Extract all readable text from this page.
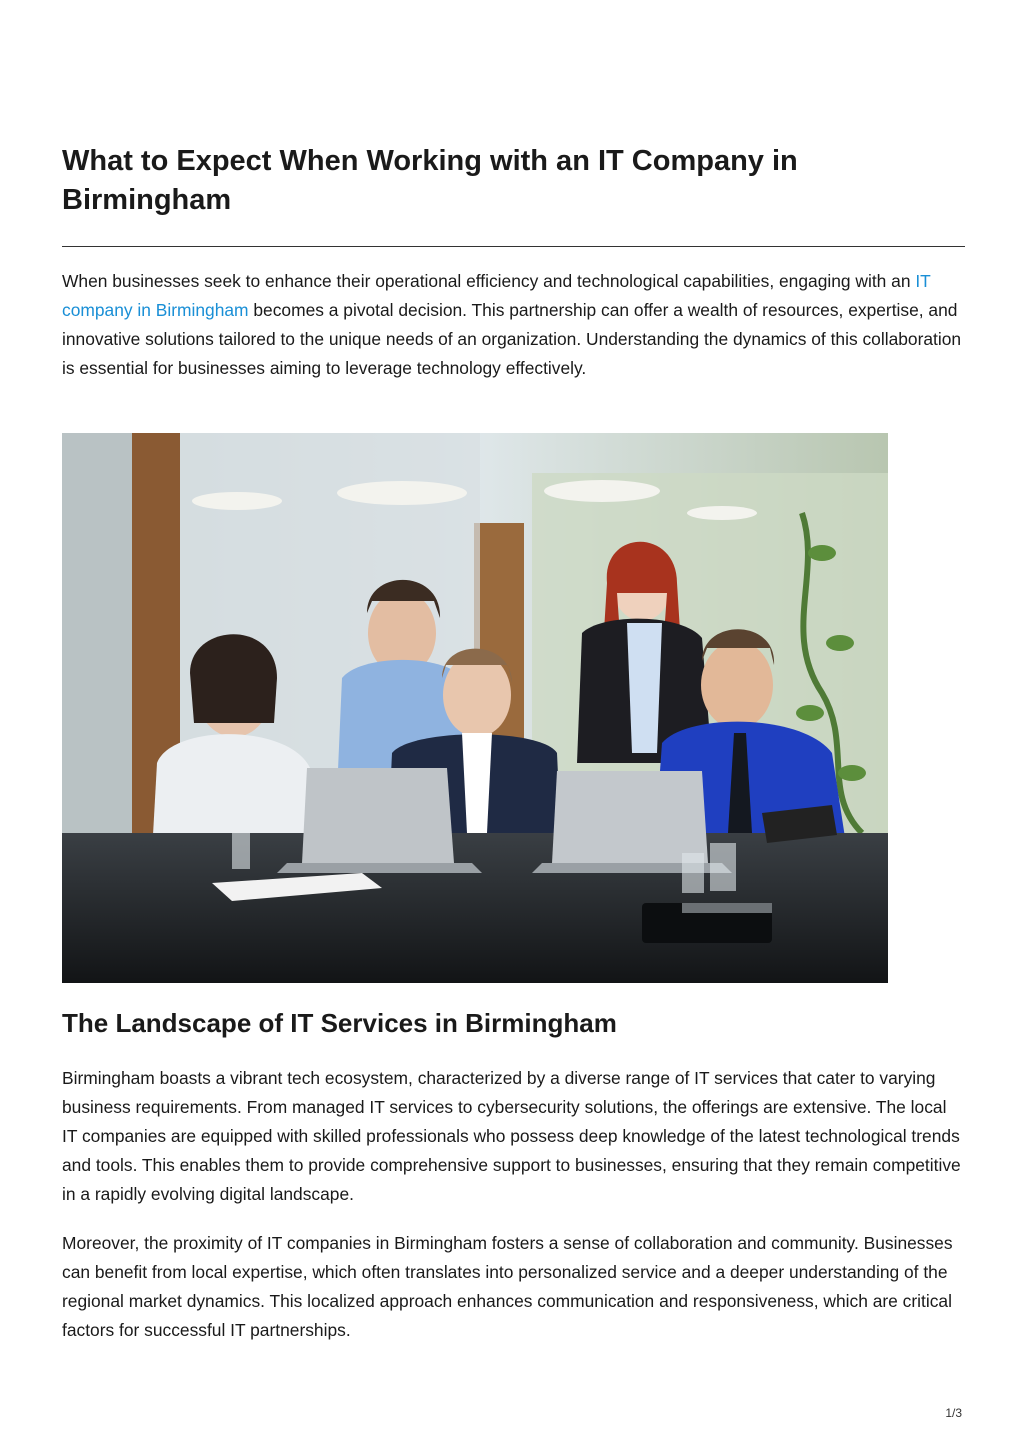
What to Expect When Working with an IT Company in Birmingham

When businesses seek to enhance their operational efficiency and technological capabilities, engaging with an IT company in Birmingham becomes a pivotal decision. This partnership can offer a wealth of resources, expertise, and innovative solutions tailored to the unique needs of an organization. Understanding the dynamics of this collaboration is essential for businesses aiming to leverage technology effectively.

The Landscape of IT Services in Birmingham

Birmingham boasts a vibrant tech ecosystem, characterized by a diverse range of IT services that cater to varying business requirements. From managed IT services to cybersecurity solutions, the offerings are extensive. The local IT companies are equipped with skilled professionals who possess deep knowledge of the latest technological trends and tools. This enables them to provide comprehensive support to businesses, ensuring that they remain competitive in a rapidly evolving digital landscape.

Moreover, the proximity of IT companies in Birmingham fosters a sense of collaboration and community. Businesses can benefit from local expertise, which often translates into personalized service and a deeper understanding of the regional market dynamics. This localized approach enhances communication and responsiveness, which are critical factors for successful IT partnerships.

1/3
